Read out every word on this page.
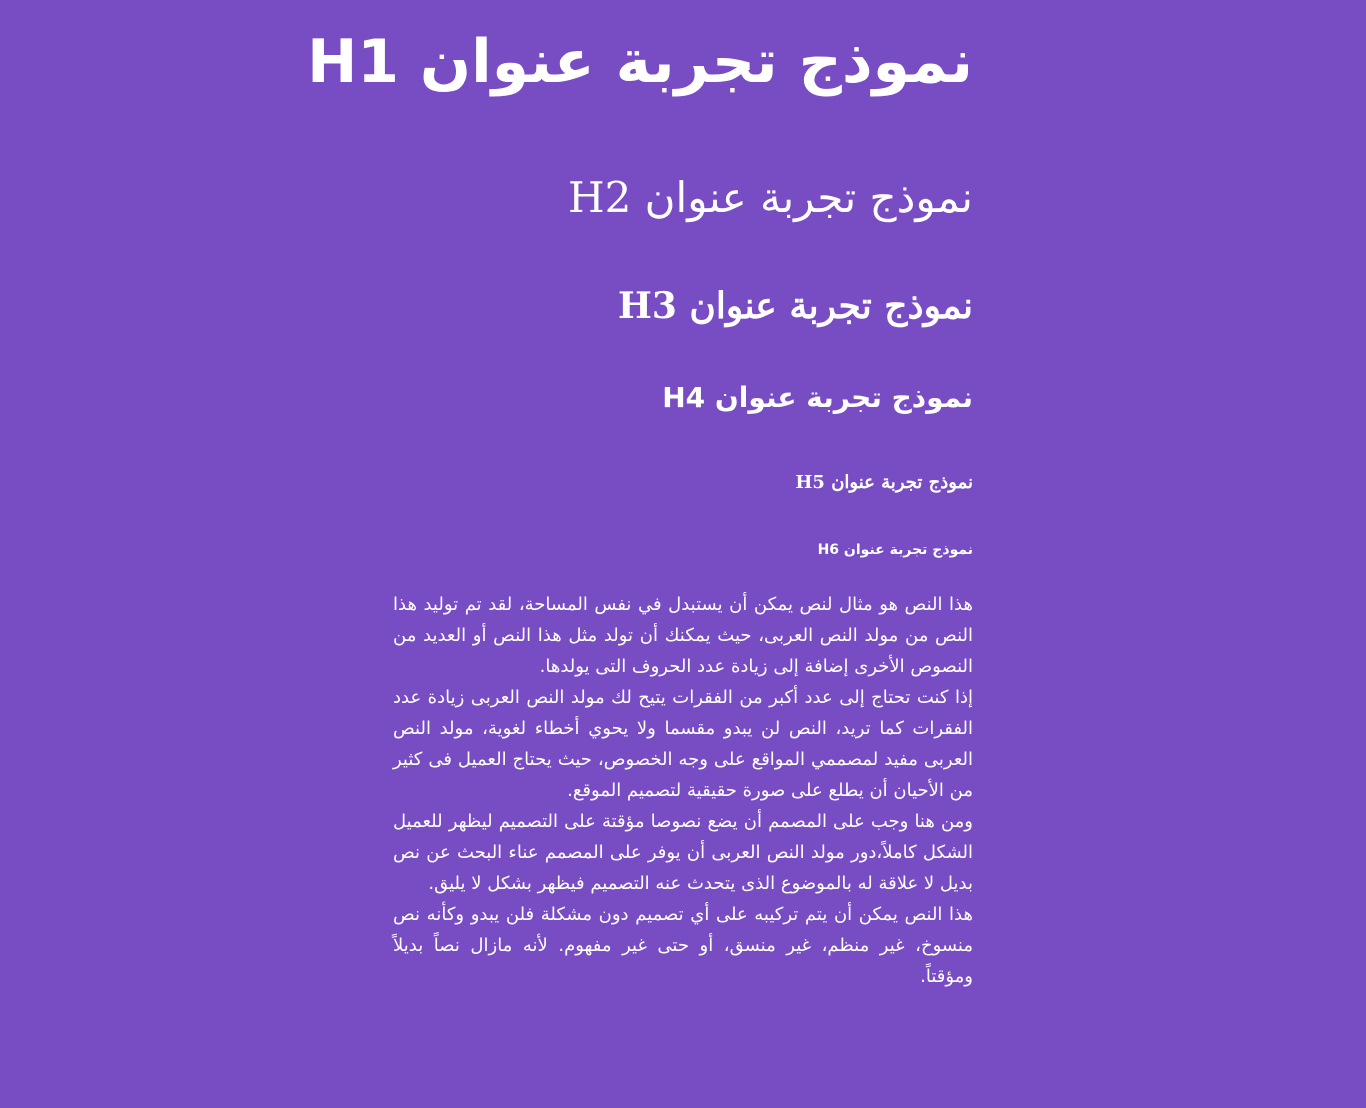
نموذج تجربة عنوان H1
نموذج تجربة عنوان H2
نموذج تجربة عنوان H3
نموذج تجربة عنوان H4
نموذج تجربة عنوان H5
نموذج تجربة عنوان H6

هذا النص هو مثال لنص يمكن أن يستبدل في نفس المساحة، لقد تم توليد هذا النص من مولد النص العربى، حيث يمكنك أن تولد مثل هذا النص أو العديد من النصوص الأخرى إضافة إلى زيادة عدد الحروف التى يولدها.

إذا كنت تحتاج إلى عدد أكبر من الفقرات يتيح لك مولد النص العربى زيادة عدد الفقرات كما تريد، النص لن يبدو مقسما ولا يحوي أخطاء لغوية، مولد النص العربى مفيد لمصممي المواقع على وجه الخصوص، حيث يحتاج العميل فى كثير من الأحيان أن يطلع على صورة حقيقية لتصميم الموقع.

ومن هنا وجب على المصمم أن يضع نصوصا مؤقتة على التصميم ليظهر للعميل الشكل كاملاً،دور مولد النص العربى أن يوفر على المصمم عناء البحث عن نص بديل لا علاقة له بالموضوع الذى يتحدث عنه التصميم فيظهر بشكل لا يليق.

هذا النص يمكن أن يتم تركيبه على أي تصميم دون مشكلة فلن يبدو وكأنه نص منسوخ، غير منظم، غير منسق، أو حتى غير مفهوم. لأنه مازال نصاً بديلاً ومؤقتاً.
